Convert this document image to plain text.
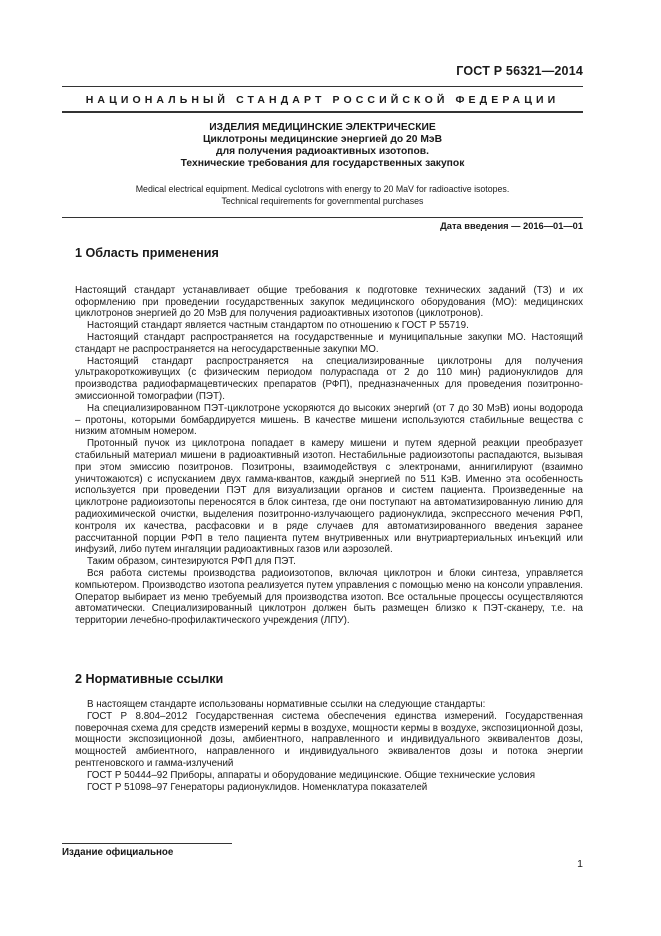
ГОСТ Р 56321—2014
НАЦИОНАЛЬНЫЙ СТАНДАРТ РОССИЙСКОЙ ФЕДЕРАЦИИ
ИЗДЕЛИЯ МЕДИЦИНСКИЕ ЭЛЕКТРИЧЕСКИЕ
Циклотроны медицинские энергией до 20 МэВ
для получения радиоактивных изотопов.
Технические требования для государственных закупок
Medical electrical equipment. Medical cyclotrons with energy to 20 MaV for radioactive isotopes.
Technical requirements for governmental purchases
Дата введения — 2016—01—01
1 Область применения

Настоящий стандарт устанавливает общие требования к подготовке технических заданий (ТЗ) и их оформлению при проведении государственных закупок медицинского оборудования (МО): медицинских циклотронов энергией до 20 МэВ для получения радиоактивных изотопов (циклотронов).

Настоящий стандарт является частным стандартом по отношению к ГОСТ Р 55719.

Настоящий стандарт распространяется на государственные и муниципальные закупки МО. Настоящий стандарт не распространяется на негосударственные закупки МО.

Настоящий стандарт распространяется на специализированные циклотроны для получения ультракороткоживущих (с физическим периодом полураспада от 2 до 110 мин) радионуклидов для производства радиофармацевтических препаратов (РФП), предназначенных для проведения позитронно-эмиссионной томографии (ПЭТ).

На специализированном ПЭТ-циклотроне ускоряются до высоких энергий (от 7 до 30 МэВ) ионы водорода – протоны, которыми бомбардируется мишень. В качестве мишени используются стабильные вещества с низким атомным номером.

Протонный пучок из циклотрона попадает в камеру мишени и путем ядерной реакции преобразует стабильный материал мишени в радиоактивный изотоп. Нестабильные радиоизотопы распадаются, вызывая при этом эмиссию позитронов. Позитроны, взаимодействуя с электронами, аннигилируют (взаимно уничтожаются) с испусканием двух гамма-квантов, каждый энергией по 511 КэВ. Именно эта особенность используется при проведении ПЭТ для визуализации органов и систем пациента. Произведенные на циклотроне радиоизотопы переносятся в блок синтеза, где они поступают на автоматизированную линию для радиохимической очистки, выделения позитронно-излучающего радионуклида, экспрессного мечения РФП, контроля их качества, расфасовки и в ряде случаев для автоматизированного введения заранее рассчитанной порции РФП в тело пациента путем внутривенных или внутриартериальных инъекций или инфузий, либо путем ингаляции радиоактивных газов или аэрозолей.

Таким образом, синтезируются РФП для ПЭТ.

Вся работа системы производства радиоизотопов, включая циклотрон и блоки синтеза, управляется компьютером. Производство изотопа реализуется путем управления с помощью меню на консоли управления. Оператор выбирает из меню требуемый для производства изотоп. Все остальные процессы осуществляются автоматически. Специализированный циклотрон должен быть размещен близко к ПЭТ-сканеру, т.е. на территории лечебно-профилактического учреждения (ЛПУ).

2 Нормативные ссылки

В настоящем стандарте использованы нормативные ссылки на следующие стандарты:

ГОСТ Р 8.804–2012 Государственная система обеспечения единства измерений. Государственная поверочная схема для средств измерений кермы в воздухе, мощности кермы в воздухе, экспозиционной дозы, мощности экспозиционной дозы, амбиентного, направленного и индивидуального эквивалентов дозы, мощностей амбиентного, направленного и индивидуального эквивалентов дозы и потока энергии рентгеновского и гамма-излучений

ГОСТ Р 50444–92 Приборы, аппараты и оборудование медицинские. Общие технические условия

ГОСТ Р 51098–97 Генераторы радионуклидов. Номенклатура показателей

Издание официальное
1
